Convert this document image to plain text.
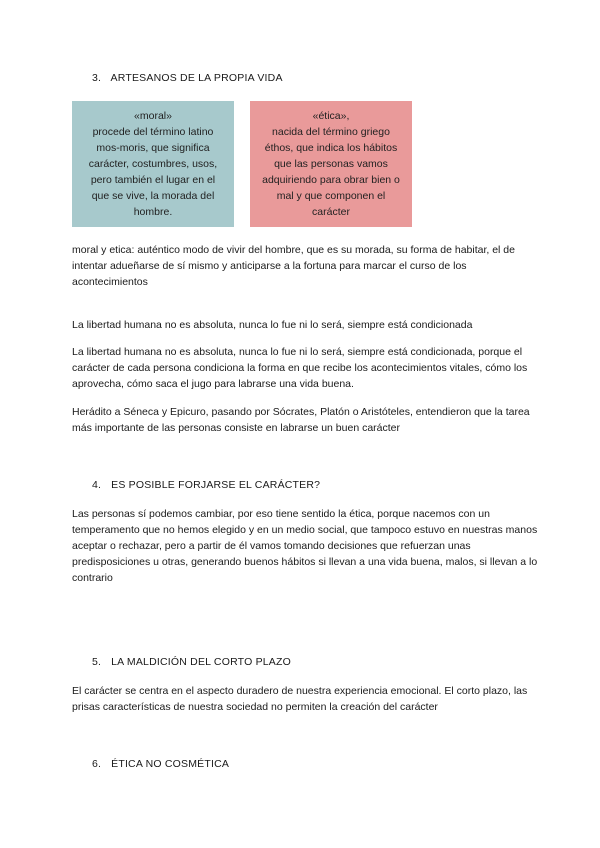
3. ARTESANOS DE LA PROPIA VIDA
«moral»
procede del término latino
mos-moris, que significa
carácter, costumbres, usos,
pero también el lugar en el
que se vive, la morada del
hombre.
«ética»,
nacida del término griego
éthos, que indica los hábitos
que las personas vamos
adquiriendo para obrar bien o
mal y que componen el
carácter

moral y etica: auténtico modo de vivir del hombre, que es su morada, su forma de habitar, el de intentar adueñarse de sí mismo y anticiparse a la fortuna para marcar el curso de los acontecimientos

La libertad humana no es absoluta, nunca lo fue ni lo será, siempre está condicionada

La libertad humana no es absoluta, nunca lo fue ni lo será, siempre está condicionada, porque el carácter de cada persona condiciona la forma en que recibe los acontecimientos vitales, cómo los aprovecha, cómo saca el jugo para labrarse una vida buena.

Herádito a Séneca y Epicuro, pasando por Sócrates, Platón o Aristóteles, entendieron que la tarea más importante de las personas consiste en labrarse un buen carácter

4. ES POSIBLE FORJARSE EL CARÁCTER?

Las personas sí podemos cambiar, por eso tiene sentido la ética, porque nacemos con un temperamento que no hemos elegido y en un medio social, que tampoco estuvo en nuestras manos aceptar o rechazar, pero a partir de él vamos tomando decisiones que refuerzan unas predisposiciones u otras, generando buenos hábitos si llevan a una vida buena, malos, si llevan a lo contrario

5. LA MALDICIÓN DEL CORTO PLAZO

El carácter se centra en el aspecto duradero de nuestra experiencia emocional. El corto plazo, las prisas características de nuestra sociedad no permiten la creación del carácter

6. ÉTICA NO COSMÉTICA
